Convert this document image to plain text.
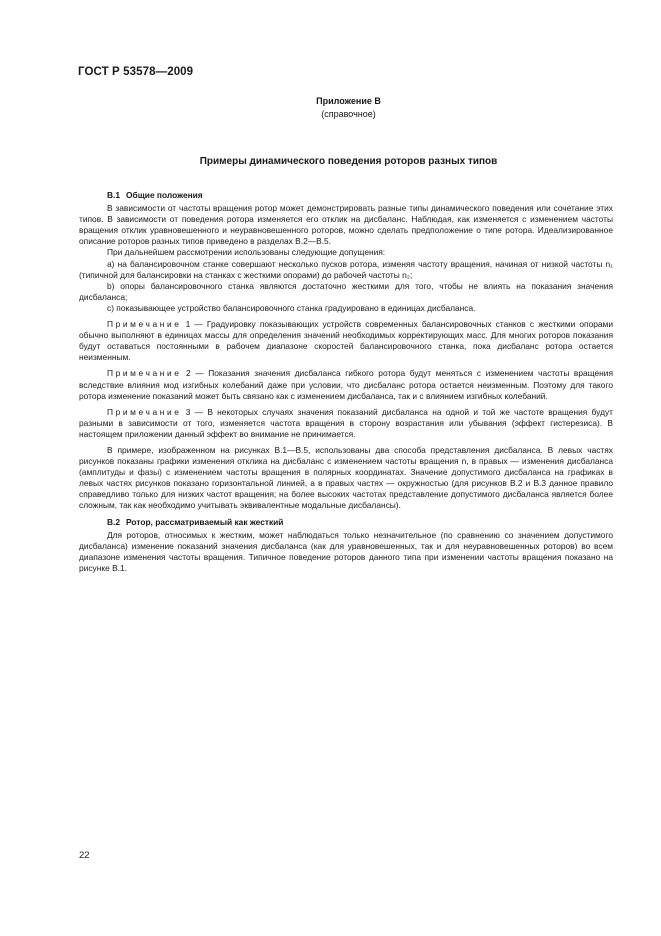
ГОСТ Р 53578—2009
Приложение В
(справочное)
Примеры динамического поведения роторов разных типов

В.1 Общие положения

В зависимости от частоты вращения ротор может демонстрировать разные типы динамического поведения или сочетание этих типов. В зависимости от поведения ротора изменяется его отклик на дисбаланс. Наблюдая, как изменяется с изменением частоты вращения отклик уравновешенного и неуравновешенного роторов, можно сделать предположение о типе ротора. Идеализированное описание роторов разных типов приведено в разделах В.2—В.5.

При дальнейшем рассмотрении использованы следующие допущения:

а) на балансировочном станке совершают несколько пусков ротора, изменяя частоту вращения, начиная от низкой частоты n₁ (типичной для балансировки на станках с жесткими опорами) до рабочей частоты n₂;

b) опоры балансировочного станка являются достаточно жесткими для того, чтобы не влиять на показания значения дисбаланса;

c) показывающее устройство балансировочного станка градуировано в единицах дисбаланса.

Примечание 1 — Градуировку показывающих устройств современных балансировочных станков с жесткими опорами обычно выполняют в единицах массы для определения значений необходимых корректирующих масс. Для многих роторов показания будут оставаться постоянными в рабочем диапазоне скоростей балансировочного станка, пока дисбаланс ротора остается неизменным.

Примечание 2 — Показания значения дисбаланса гибкого ротора будут меняться с изменением частоты вращения вследствие влияния мод изгибных колебаний даже при условии, что дисбаланс ротора остается неизменным. Поэтому для такого ротора изменение показаний может быть связано как с изменением дисбаланса, так и с влиянием изгибных колебаний.

Примечание 3 — В некоторых случаях значения показаний дисбаланса на одной и той же частоте вращения будут разными в зависимости от того, изменяется частота вращения в сторону возрастания или убывания (эффект гистерезиса). В настоящем приложении данный эффект во внимание не принимается.

В примере, изображенном на рисунках В.1—В.5, использованы два способа представления дисбаланса. В левых частях рисунков показаны графики изменения отклика на дисбаланс с изменением частоты вращения n, в правых — изменения дисбаланса (амплитуды и фазы) с изменением частоты вращения в полярных координатах. Значение допустимого дисбаланса на графиках в левых частях рисунков показано горизонтальной линией, а в правых частях — окружностью (для рисунков В.2 и В.3 данное правило справедливо только для низких частот вращения; на более высоких частотах представление допустимого дисбаланса является более сложным, так как необходимо учитывать эквивалентные модальные дисбалансы).

В.2 Ротор, рассматриваемый как жесткий

Для роторов, относимых к жестким, может наблюдаться только незначительное (по сравнению со значением допустимого дисбаланса) изменение показаний значения дисбаланса (как для уравновешенных, так и для неуравновешенных роторов) во всем диапазоне изменения частоты вращения. Типичное поведение роторов данного типа при изменении частоты вращения показано на рисунке В.1.

22
